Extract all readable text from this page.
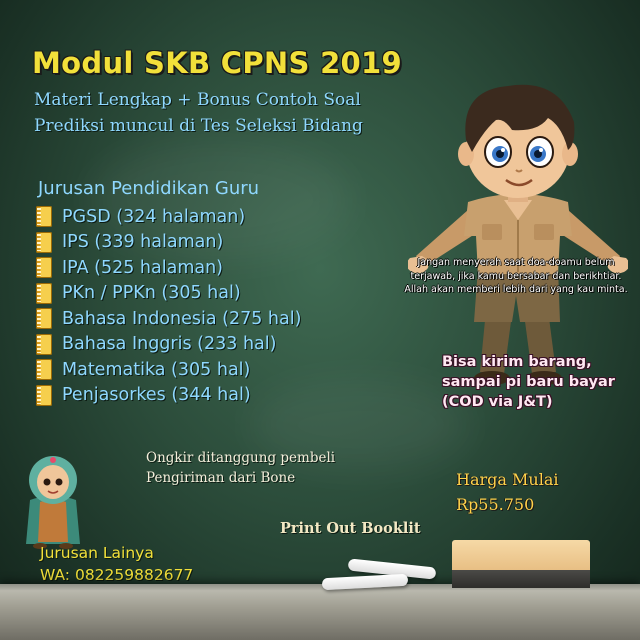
Modul SKB CPNS 2019
Materi Lengkap + Bonus Contoh Soal
Prediksi muncul di Tes Seleksi Bidang
Jurusan Pendidikan Guru
PGSD (324 halaman)
IPS (339 halaman)
IPA (525 halaman)
PKn / PPKn (305 hal)
Bahasa Indonesia (275 hal)
Bahasa Inggris (233 hal)
Matematika (305 hal)
Penjasorkes (344 hal)
Jangan menyerah saat doa-doamu belum
terjawab, jika kamu bersabar dan berikhtiar.
Allah akan memberi lebih dari yang kau minta.
Bisa kirim barang,
sampai pi baru bayar
(COD via J&T)
Ongkir ditanggung pembeli
Pengiriman dari Bone	Harga Mulai
Rp55.750
Print Out Booklit
Jurusan Lainya
WA: 082259882677
